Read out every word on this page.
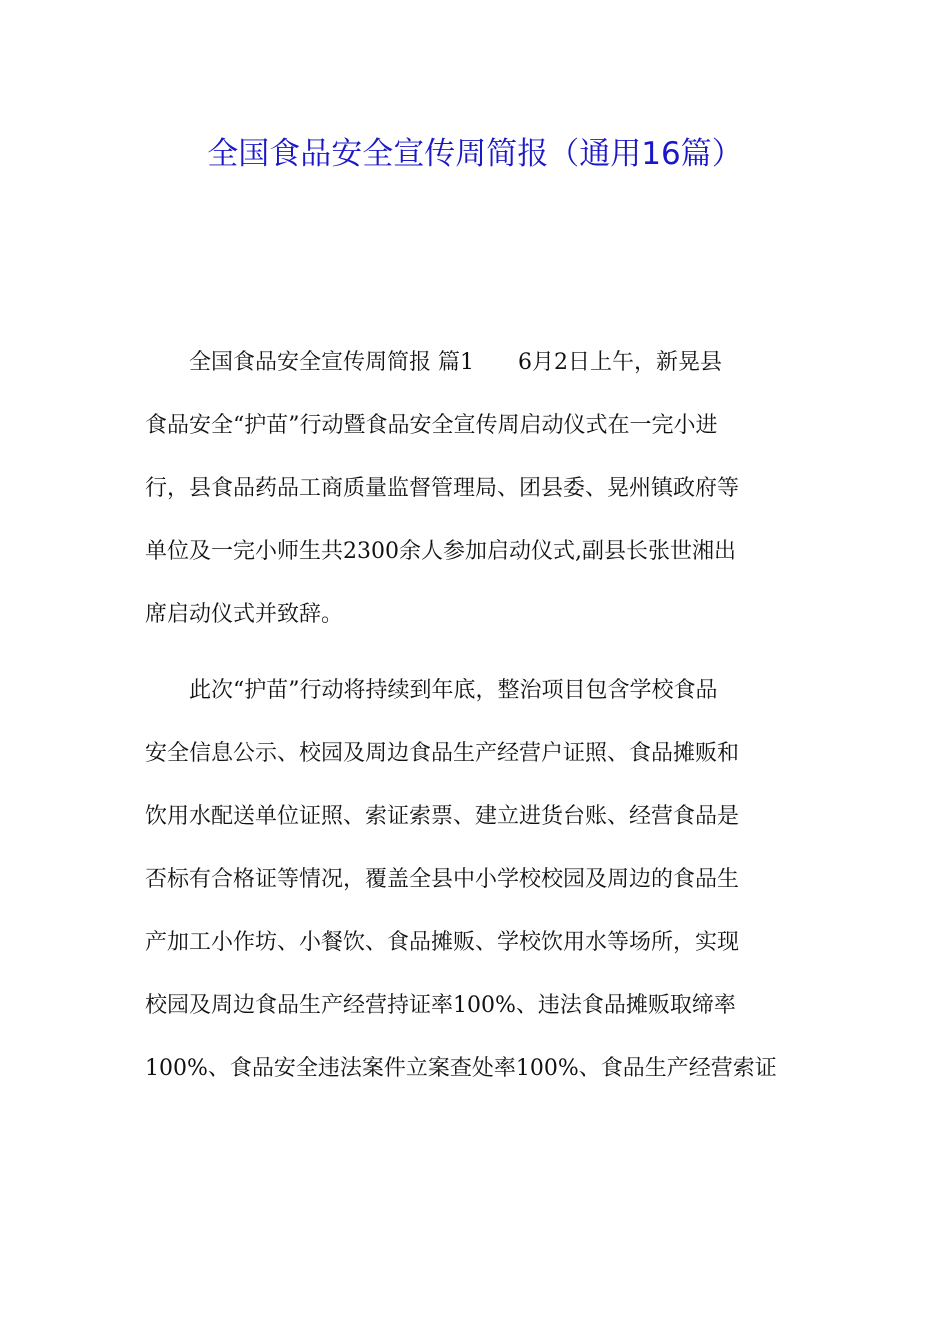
全国食品安全宣传周简报（通用16篇）
全国食品安全宣传周简报 篇1　　6月2日上午，新晃县
食品安全“护苗”行动暨食品安全宣传周启动仪式在一完小进
行，县食品药品工商质量监督管理局、团县委、晃州镇政府等
单位及一完小师生共2300余人参加启动仪式,副县长张世湘出
席启动仪式并致辞。
此次“护苗”行动将持续到年底，整治项目包含学校食品
安全信息公示、校园及周边食品生产经营户证照、食品摊贩和
饮用水配送单位证照、索证索票、建立进货台账、经营食品是
否标有合格证等情况，覆盖全县中小学校校园及周边的食品生
产加工小作坊、小餐饮、食品摊贩、学校饮用水等场所，实现
校园及周边食品生产经营持证率100%、违法食品摊贩取缔率
100%、食品安全违法案件立案查处率100%、食品生产经营索证
